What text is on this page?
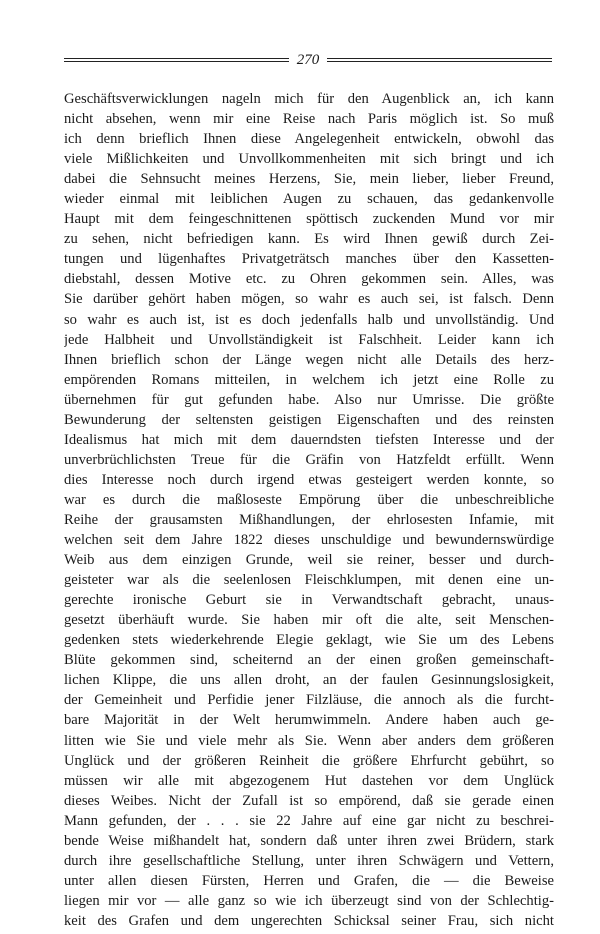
270
Geschäftsverwicklungen nageln mich für den Augenblick an, ich kann
nicht absehen, wenn mir eine Reise nach Paris möglich ist. So muß
ich denn brieflich Ihnen diese Angelegenheit entwickeln, obwohl das
viele Mißlichkeiten und Unvollkommenheiten mit sich bringt und ich
dabei die Sehnsucht meines Herzens, Sie, mein lieber, lieber Freund,
wieder einmal mit leiblichen Augen zu schauen, das gedankenvolle
Haupt mit dem feingeschnittenen spöttisch zuckenden Mund vor mir
zu sehen, nicht befriedigen kann. Es wird Ihnen gewiß durch Zei-
tungen und lügenhaftes Privatgeträtsch manches über den Kassetten-
diebstahl, dessen Motive etc. zu Ohren gekommen sein. Alles, was
Sie darüber gehört haben mögen, so wahr es auch sei, ist falsch. Denn
so wahr es auch ist, ist es doch jedenfalls halb und unvollständig. Und
jede Halbheit und Unvollständigkeit ist Falschheit. Leider kann ich
Ihnen brieflich schon der Länge wegen nicht alle Details des herz-
empörenden Romans mitteilen, in welchem ich jetzt eine Rolle zu
übernehmen für gut gefunden habe. Also nur Umrisse. Die größte
Bewunderung der seltensten geistigen Eigenschaften und des reinsten
Idealismus hat mich mit dem dauerndsten tiefsten Interesse und der
unverbrüchlichsten Treue für die Gräfin von Hatzfeldt erfüllt. Wenn
dies Interesse noch durch irgend etwas gesteigert werden konnte, so
war es durch die maßloseste Empörung über die unbeschreibliche
Reihe der grausamsten Mißhandlungen, der ehrlosesten Infamie, mit
welchen seit dem Jahre 1822 dieses unschuldige und bewundernswürdige
Weib aus dem einzigen Grunde, weil sie reiner, besser und durch-
geisteter war als die seelenlosen Fleischklumpen, mit denen eine un-
gerechte ironische Geburt sie in Verwandtschaft gebracht, unaus-
gesetzt überhäuft wurde. Sie haben mir oft die alte, seit Menschen-
gedenken stets wiederkehrende Elegie geklagt, wie Sie um des Lebens
Blüte gekommen sind, scheiternd an der einen großen gemeinschaft-
lichen Klippe, die uns allen droht, an der faulen Gesinnungslosigkeit,
der Gemeinheit und Perfidie jener Filzläuse, die annoch als die furcht-
bare Majorität in der Welt herumwimmeln. Andere haben auch ge-
litten wie Sie und viele mehr als Sie. Wenn aber anders dem größeren
Unglück und der größeren Reinheit die größere Ehrfurcht gebührt, so
müssen wir alle mit abgezogenem Hut dastehen vor dem Unglück
dieses Weibes. Nicht der Zufall ist so empörend, daß sie gerade einen
Mann gefunden, der . . . sie 22 Jahre auf eine gar nicht zu beschrei-
bende Weise mißhandelt hat, sondern daß unter ihren zwei Brüdern, stark
durch ihre gesellschaftliche Stellung, unter ihren Schwägern und Vettern,
unter allen diesen Fürsten, Herren und Grafen, die — die Beweise
liegen mir vor — alle ganz so wie ich überzeugt sind von der Schlechtig-
keit des Grafen und dem ungerechten Schicksal seiner Frau, sich nicht
